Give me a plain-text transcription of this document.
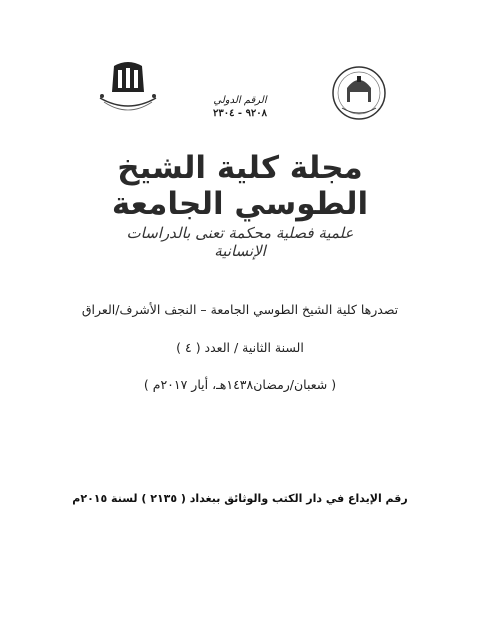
الرقم الدولي
٩٢٠٨ - ٢٣٠٤
مجلة كلية الشيخ الطوسي الجامعة
علمية فصلية محكمة تعنى بالدراسات الإنسانية
تصدرها كلية الشيخ الطوسي الجامعة – النجف الأشرف/العراق
السنة الثانية / العدد ( ٤ )
( شعبان/رمضان١٤٣٨هـ، أيار ٢٠١٧م )
رقم الإيداع في دار الكتب والوثائق ببغداد ( ٢١٣٥ ) لسنة ٢٠١٥م
